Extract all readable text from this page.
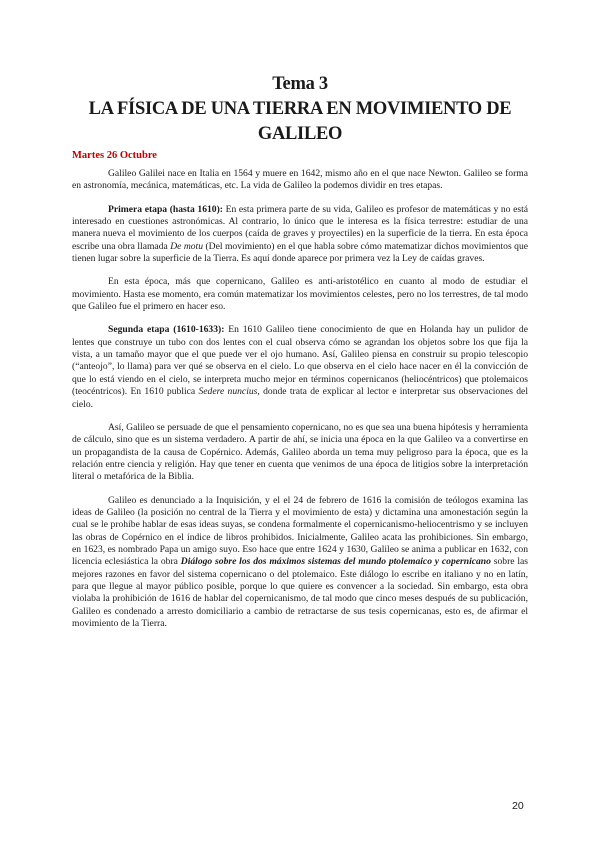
Tema 3
LA FÍSICA DE UNA TIERRA EN MOVIMIENTO DE
GALILEO
Martes 26 Octubre

Galileo Galilei nace en Italia en 1564 y muere en 1642, mismo año en el que nace Newton. Galileo se forma en astronomía, mecánica, matemáticas, etc. La vida de Galileo la podemos dividir en tres etapas.

Primera etapa (hasta 1610): En esta primera parte de su vida, Galileo es profesor de matemáticas y no está interesado en cuestiones astronómicas. Al contrario, lo único que le interesa es la física terrestre: estudiar de una manera nueva el movimiento de los cuerpos (caída de graves y proyectiles) en la superficie de la tierra. En esta época escribe una obra llamada De motu (Del movimiento) en el que habla sobre cómo matematizar dichos movimientos que tienen lugar sobre la superficie de la Tierra. Es aquí donde aparece por primera vez la Ley de caídas graves.

En esta época, más que copernicano, Galileo es anti-aristotélico en cuanto al modo de estudiar el movimiento. Hasta ese momento, era común matematizar los movimientos celestes, pero no los terrestres, de tal modo que Galileo fue el primero en hacer eso.

Segunda etapa (1610-1633): En 1610 Galileo tiene conocimiento de que en Holanda hay un pulidor de lentes que construye un tubo con dos lentes con el cual observa cómo se agrandan los objetos sobre los que fija la vista, a un tamaño mayor que el que puede ver el ojo humano. Así, Galileo piensa en construir su propio telescopio (“anteojo”, lo llama) para ver qué se observa en el cielo. Lo que observa en el cielo hace nacer en él la convicción de que lo está viendo en el cielo, se interpreta mucho mejor en términos copernicanos (heliocéntricos) que ptolemaicos (teocéntricos). En 1610 publica Sedere nuncius, donde trata de explicar al lector e interpretar sus observaciones del cielo.

Así, Galileo se persuade de que el pensamiento copernicano, no es que sea una buena hipótesis y herramienta de cálculo, sino que es un sistema verdadero. A partir de ahí, se inicia una época en la que Galileo va a convertirse en un propagandista de la causa de Copérnico. Además, Galileo aborda un tema muy peligroso para la época, que es la relación entre ciencia y religión. Hay que tener en cuenta que venimos de una época de litigios sobre la interpretación literal o metafórica de la Biblia.

Galileo es denunciado a la Inquisición, y el el 24 de febrero de 1616 la comisión de teólogos examina las ideas de Galileo (la posición no central de la Tierra y el movimiento de esta) y dictamina una amonestación según la cual se le prohíbe hablar de esas ideas suyas, se condena formalmente el copernicanismo-heliocentrismo y se incluyen las obras de Copérnico en el índice de libros prohibidos. Inicialmente, Galileo acata las prohibiciones. Sin embargo, en 1623, es nombrado Papa un amigo suyo. Eso hace que entre 1624 y 1630, Galileo se anima a publicar en 1632, con licencia eclesiástica la obra Diálogo sobre los dos máximos sistemas del mundo ptolemaico y copernicano sobre las mejores razones en favor del sistema copernicano o del ptolemaico. Este diálogo lo escribe en italiano y no en latín, para que llegue al mayor público posible, porque lo que quiere es convencer a la sociedad. Sin embargo, esta obra violaba la prohibición de 1616 de hablar del copernicanismo, de tal modo que cinco meses después de su publicación, Galileo es condenado a arresto domiciliario a cambio de retractarse de sus tesis copernicanas, esto es, de afirmar el movimiento de la Tierra.

20
